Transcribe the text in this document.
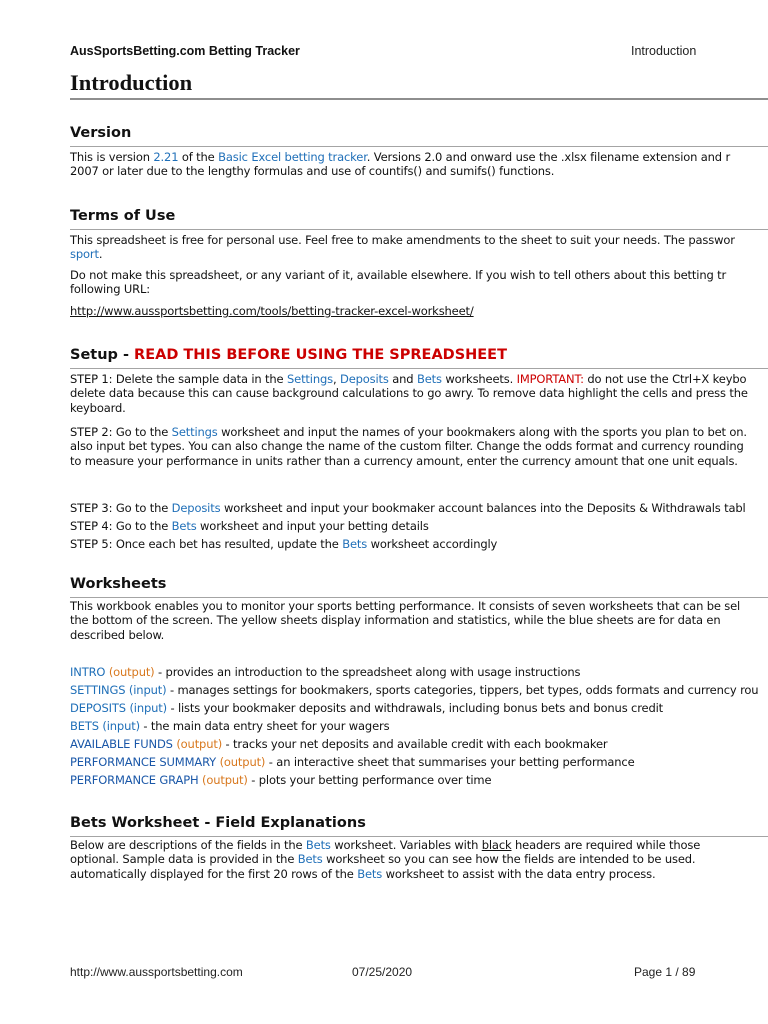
AusSportsBetting.com Betting Tracker	Introduction
Introduction
Version
This is version 2.21 of the Basic Excel betting tracker. Versions 2.0 and onward use the .xlsx filename extension and r
2007 or later due to the lengthy formulas and use of countifs() and sumifs() functions.
Terms of Use
This spreadsheet is free for personal use. Feel free to make amendments to the sheet to suit your needs. The passwor
sport.
Do not make this spreadsheet, or any variant of it, available elsewhere. If you wish to tell others about this betting tr
following URL:
http://www.aussportsbetting.com/tools/betting-tracker-excel-worksheet/
Setup - READ THIS BEFORE USING THE SPREADSHEET
STEP 1: Delete the sample data in the Settings, Deposits and Bets worksheets. IMPORTANT: do not use the Ctrl+X keybo
delete data because this can cause background calculations to go awry. To remove data highlight the cells and press the
keyboard.
STEP 2: Go to the Settings worksheet and input the names of your bookmakers along with the sports you plan to bet on.
also input bet types. You can also change the name of the custom filter. Change the odds format and currency rounding
to measure your performance in units rather than a currency amount, enter the currency amount that one unit equals.
STEP 3: Go to the Deposits worksheet and input your bookmaker account balances into the Deposits & Withdrawals tabl
STEP 4: Go to the Bets worksheet and input your betting details
STEP 5: Once each bet has resulted, update the Bets worksheet accordingly
Worksheets
This workbook enables you to monitor your sports betting performance. It consists of seven worksheets that can be sel
the bottom of the screen. The yellow sheets display information and statistics, while the blue sheets are for data en
described below.
INTRO (output) - provides an introduction to the spreadsheet along with usage instructions
SETTINGS (input) - manages settings for bookmakers, sports categories, tippers, bet types, odds formats and currency rou
DEPOSITS (input) - lists your bookmaker deposits and withdrawals, including bonus bets and bonus credit
BETS (input) - the main data entry sheet for your wagers
AVAILABLE FUNDS (output) - tracks your net deposits and available credit with each bookmaker
PERFORMANCE SUMMARY (output) - an interactive sheet that summarises your betting performance
PERFORMANCE GRAPH (output) - plots your betting performance over time
Bets Worksheet - Field Explanations
Below are descriptions of the fields in the Bets worksheet. Variables with black headers are required while those
optional. Sample data is provided in the Bets worksheet so you can see how the fields are intended to be used.
automatically displayed for the first 20 rows of the Bets worksheet to assist with the data entry process.
http://www.aussportsbetting.com	07/25/2020	Page 1 / 89
